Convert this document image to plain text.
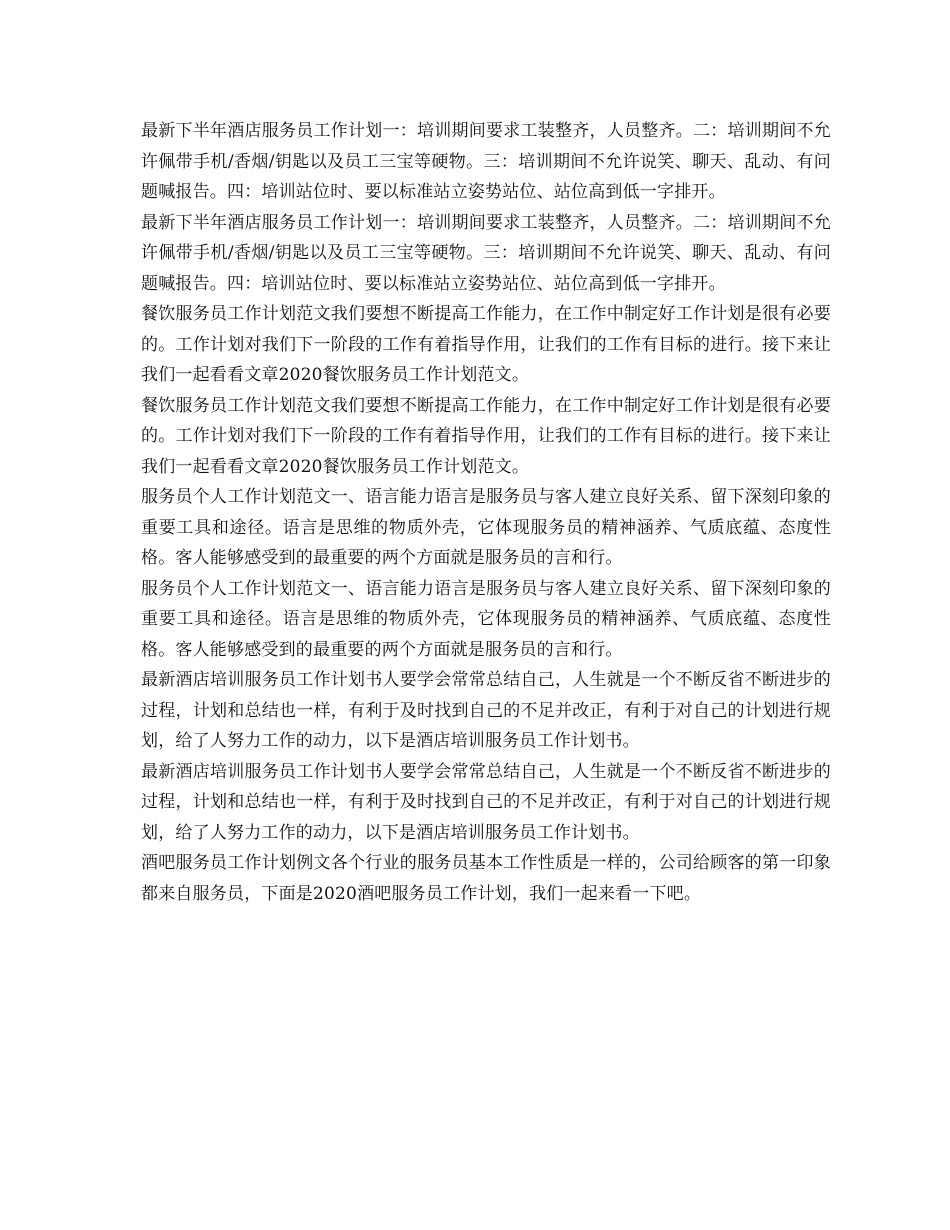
最新下半年酒店服务员工作计划一：培训期间要求工装整齐，人员整齐。二：培训期间不允许佩带手机/香烟/钥匙以及员工三宝等硬物。三：培训期间不允许说笑、聊天、乱动、有问题喊报告。四：培训站位时、要以标准站立姿势站位、站位高到低一字排开。

最新下半年酒店服务员工作计划一：培训期间要求工装整齐，人员整齐。二：培训期间不允许佩带手机/香烟/钥匙以及员工三宝等硬物。三：培训期间不允许说笑、聊天、乱动、有问题喊报告。四：培训站位时、要以标准站立姿势站位、站位高到低一字排开。

餐饮服务员工作计划范文我们要想不断提高工作能力，在工作中制定好工作计划是很有必要的。工作计划对我们下一阶段的工作有着指导作用，让我们的工作有目标的进行。接下来让我们一起看看文章2020餐饮服务员工作计划范文。

餐饮服务员工作计划范文我们要想不断提高工作能力，在工作中制定好工作计划是很有必要的。工作计划对我们下一阶段的工作有着指导作用，让我们的工作有目标的进行。接下来让我们一起看看文章2020餐饮服务员工作计划范文。

服务员个人工作计划范文一、语言能力语言是服务员与客人建立良好关系、留下深刻印象的重要工具和途径。语言是思维的物质外壳，它体现服务员的精神涵养、气质底蕴、态度性格。客人能够感受到的最重要的两个方面就是服务员的言和行。

服务员个人工作计划范文一、语言能力语言是服务员与客人建立良好关系、留下深刻印象的重要工具和途径。语言是思维的物质外壳，它体现服务员的精神涵养、气质底蕴、态度性格。客人能够感受到的最重要的两个方面就是服务员的言和行。

最新酒店培训服务员工作计划书人要学会常常总结自己，人生就是一个不断反省不断进步的过程，计划和总结也一样，有利于及时找到自己的不足并改正，有利于对自己的计划进行规划，给了人努力工作的动力，以下是酒店培训服务员工作计划书。

最新酒店培训服务员工作计划书人要学会常常总结自己，人生就是一个不断反省不断进步的过程，计划和总结也一样，有利于及时找到自己的不足并改正，有利于对自己的计划进行规划，给了人努力工作的动力，以下是酒店培训服务员工作计划书。

酒吧服务员工作计划例文各个行业的服务员基本工作性质是一样的，公司给顾客的第一印象都来自服务员，下面是2020酒吧服务员工作计划，我们一起来看一下吧。
